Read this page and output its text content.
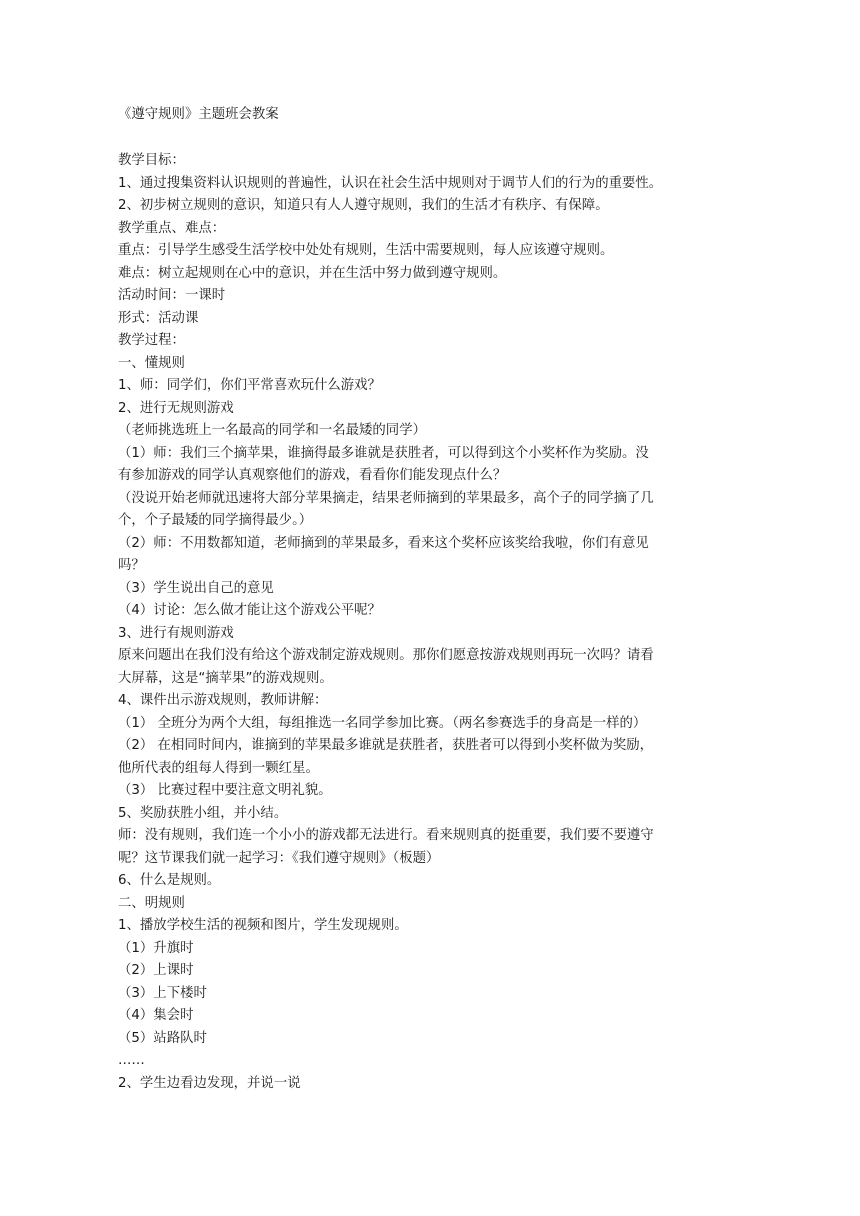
《遵守规则》主题班会教案

教学目标：

1、通过搜集资料认识规则的普遍性，认识在社会生活中规则对于调节人们的行为的重要性。

2、初步树立规则的意识，知道只有人人遵守规则，我们的生活才有秩序、有保障。

教学重点、难点：

重点：引导学生感受生活学校中处处有规则，生活中需要规则，每人应该遵守规则。

难点：树立起规则在心中的意识，并在生活中努力做到遵守规则。

活动时间：一课时

形式：活动课

教学过程：

一、懂规则

1、师：同学们，你们平常喜欢玩什么游戏？

2、进行无规则游戏

（老师挑选班上一名最高的同学和一名最矮的同学）

（1）师：我们三个摘苹果，谁摘得最多谁就是获胜者，可以得到这个小奖杯作为奖励。没

有参加游戏的同学认真观察他们的游戏，看看你们能发现点什么？

（没说开始老师就迅速将大部分苹果摘走，结果老师摘到的苹果最多，高个子的同学摘了几

个，个子最矮的同学摘得最少。）

（2）师：不用数都知道，老师摘到的苹果最多，看来这个奖杯应该奖给我啦，你们有意见

吗？

（3）学生说出自己的意见

（4）讨论：怎么做才能让这个游戏公平呢？

3、进行有规则游戏

原来问题出在我们没有给这个游戏制定游戏规则。那你们愿意按游戏规则再玩一次吗？请看

大屏幕，这是“摘苹果”的游戏规则。

4、课件出示游戏规则，教师讲解：

（1） 全班分为两个大组，每组推选一名同学参加比赛。（两名参赛选手的身高是一样的）

（2） 在相同时间内，谁摘到的苹果最多谁就是获胜者，获胜者可以得到小奖杯做为奖励，

他所代表的组每人得到一颗红星。

（3） 比赛过程中要注意文明礼貌。

5、奖励获胜小组，并小结。

师：没有规则，我们连一个小小的游戏都无法进行。看来规则真的挺重要，我们要不要遵守

呢？这节课我们就一起学习：《我们遵守规则》（板题）

6、什么是规则。

二、明规则

1、播放学校生活的视频和图片，学生发现规则。

（1）升旗时

（2）上课时

（3）上下楼时

（4）集会时

（5）站路队时

……

2、学生边看边发现，并说一说
